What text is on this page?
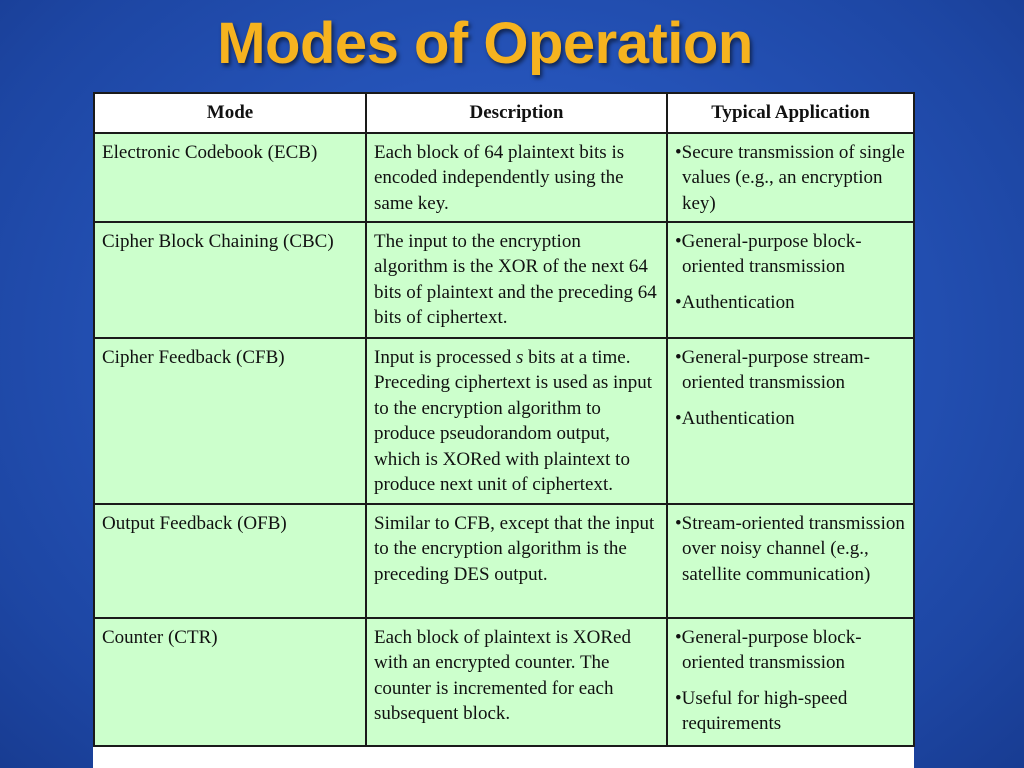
Modes of Operation
Mode	Description	Typical Application
Electronic Codebook (ECB)	Each block of 64 plaintext bits is encoded independently using the same key.	• Secure transmission of single values (e.g., an encryption key)

Cipher Block Chaining (CBC)	The input to the encryption algorithm is the XOR of the next 64 bits of plaintext and the preceding 64 bits of ciphertext.	• General-purpose block-oriented transmission
• Authentication

Cipher Feedback (CFB)	Input is processed s bits at a time. Preceding ciphertext is used as input to the encryption algorithm to produce pseudorandom output, which is XORed with plaintext to produce next unit of ciphertext.	• General-purpose stream-oriented transmission
• Authentication

Output Feedback (OFB)	Similar to CFB, except that the input to the encryption algorithm is the preceding DES output.	• Stream-oriented transmission over noisy channel (e.g., satellite communication)

Counter (CTR)	Each block of plaintext is XORed with an encrypted counter. The counter is incremented for each subsequent block.	• General-purpose block-oriented transmission
• Useful for high-speed requirements
